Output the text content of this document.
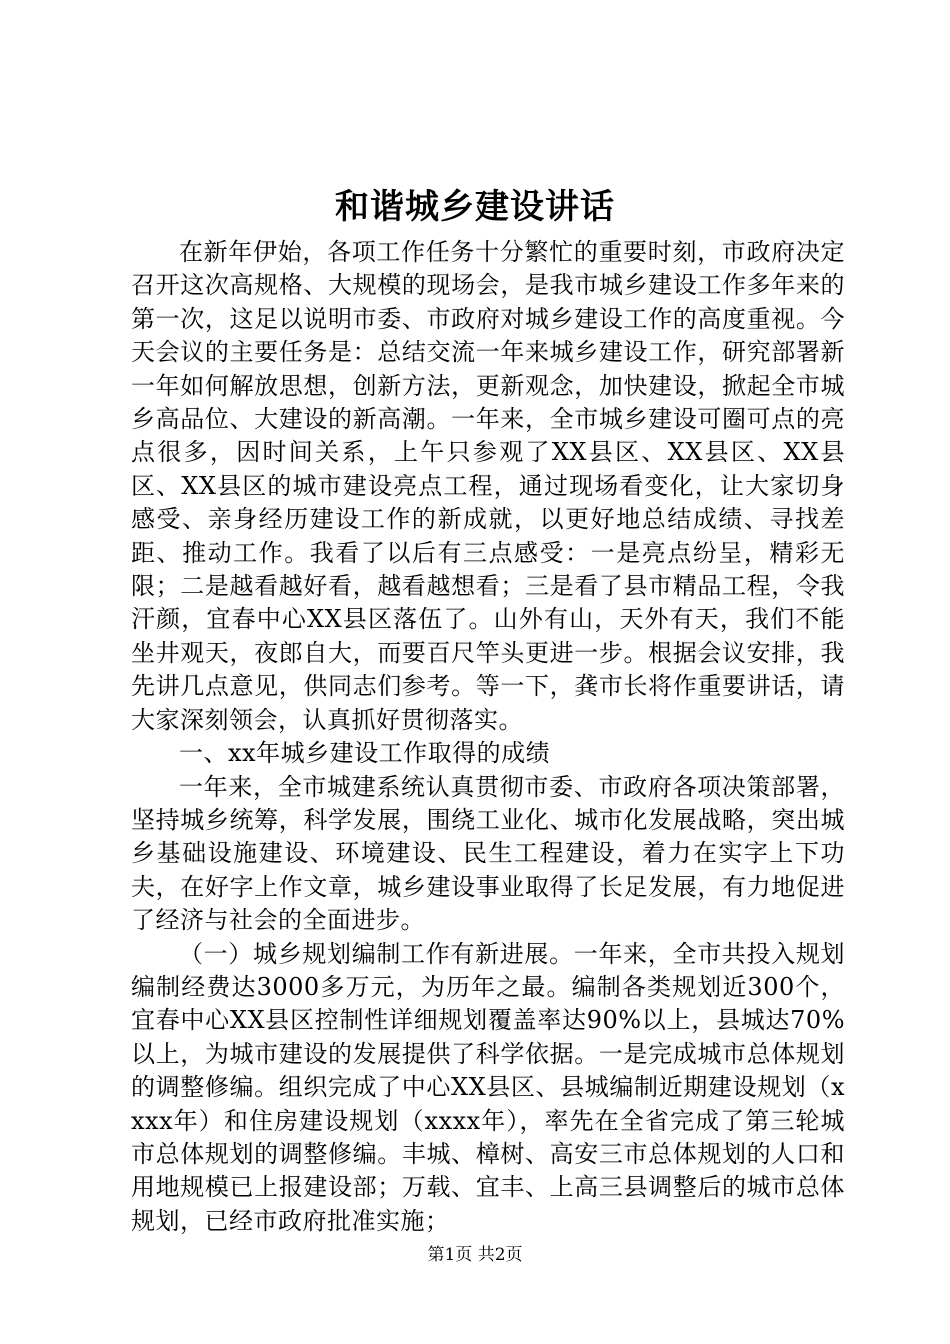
和谐城乡建设讲话

在新年伊始，各项工作任务十分繁忙的重要时刻，市政府决定召开这次高规格、大规模的现场会，是我市城乡建设工作多年来的第一次，这足以说明市委、市政府对城乡建设工作的高度重视。今天会议的主要任务是：总结交流一年来城乡建设工作，研究部署新一年如何解放思想，创新方法，更新观念，加快建设，掀起全市城乡高品位、大建设的新高潮。一年来，全市城乡建设可圈可点的亮点很多，因时间关系，上午只参观了XX县区、XX县区、XX县区、XX县区的城市建设亮点工程，通过现场看变化，让大家切身感受、亲身经历建设工作的新成就，以更好地总结成绩、寻找差距、推动工作。我看了以后有三点感受：一是亮点纷呈，精彩无限；二是越看越好看，越看越想看；三是看了县市精品工程，令我汗颜，宜春中心XX县区落伍了。山外有山，天外有天，我们不能坐井观天，夜郎自大，而要百尺竿头更进一步。根据会议安排，我先讲几点意见，供同志们参考。等一下，龚市长将作重要讲话，请大家深刻领会，认真抓好贯彻落实。

一、xx年城乡建设工作取得的成绩

一年来，全市城建系统认真贯彻市委、市政府各项决策部署，坚持城乡统筹，科学发展，围绕工业化、城市化发展战略，突出城乡基础设施建设、环境建设、民生工程建设，着力在实字上下功夫，在好字上作文章，城乡建设事业取得了长足发展，有力地促进了经济与社会的全面进步。

（一）城乡规划编制工作有新进展。一年来，全市共投入规划编制经费达3000多万元，为历年之最。编制各类规划近300个，宜春中心XX县区控制性详细规划覆盖率达90%以上，县城达70%以上，为城市建设的发展提供了科学依据。一是完成城市总体规划的调整修编。组织完成了中心XX县区、县城编制近期建设规划（xxxx年）和住房建设规划（xxxx年），率先在全省完成了第三轮城市总体规划的调整修编。丰城、樟树、高安三市总体规划的人口和用地规模已上报建设部；万载、宜丰、上高三县调整后的城市总体规划，已经市政府批准实施；

第1页 共2页
